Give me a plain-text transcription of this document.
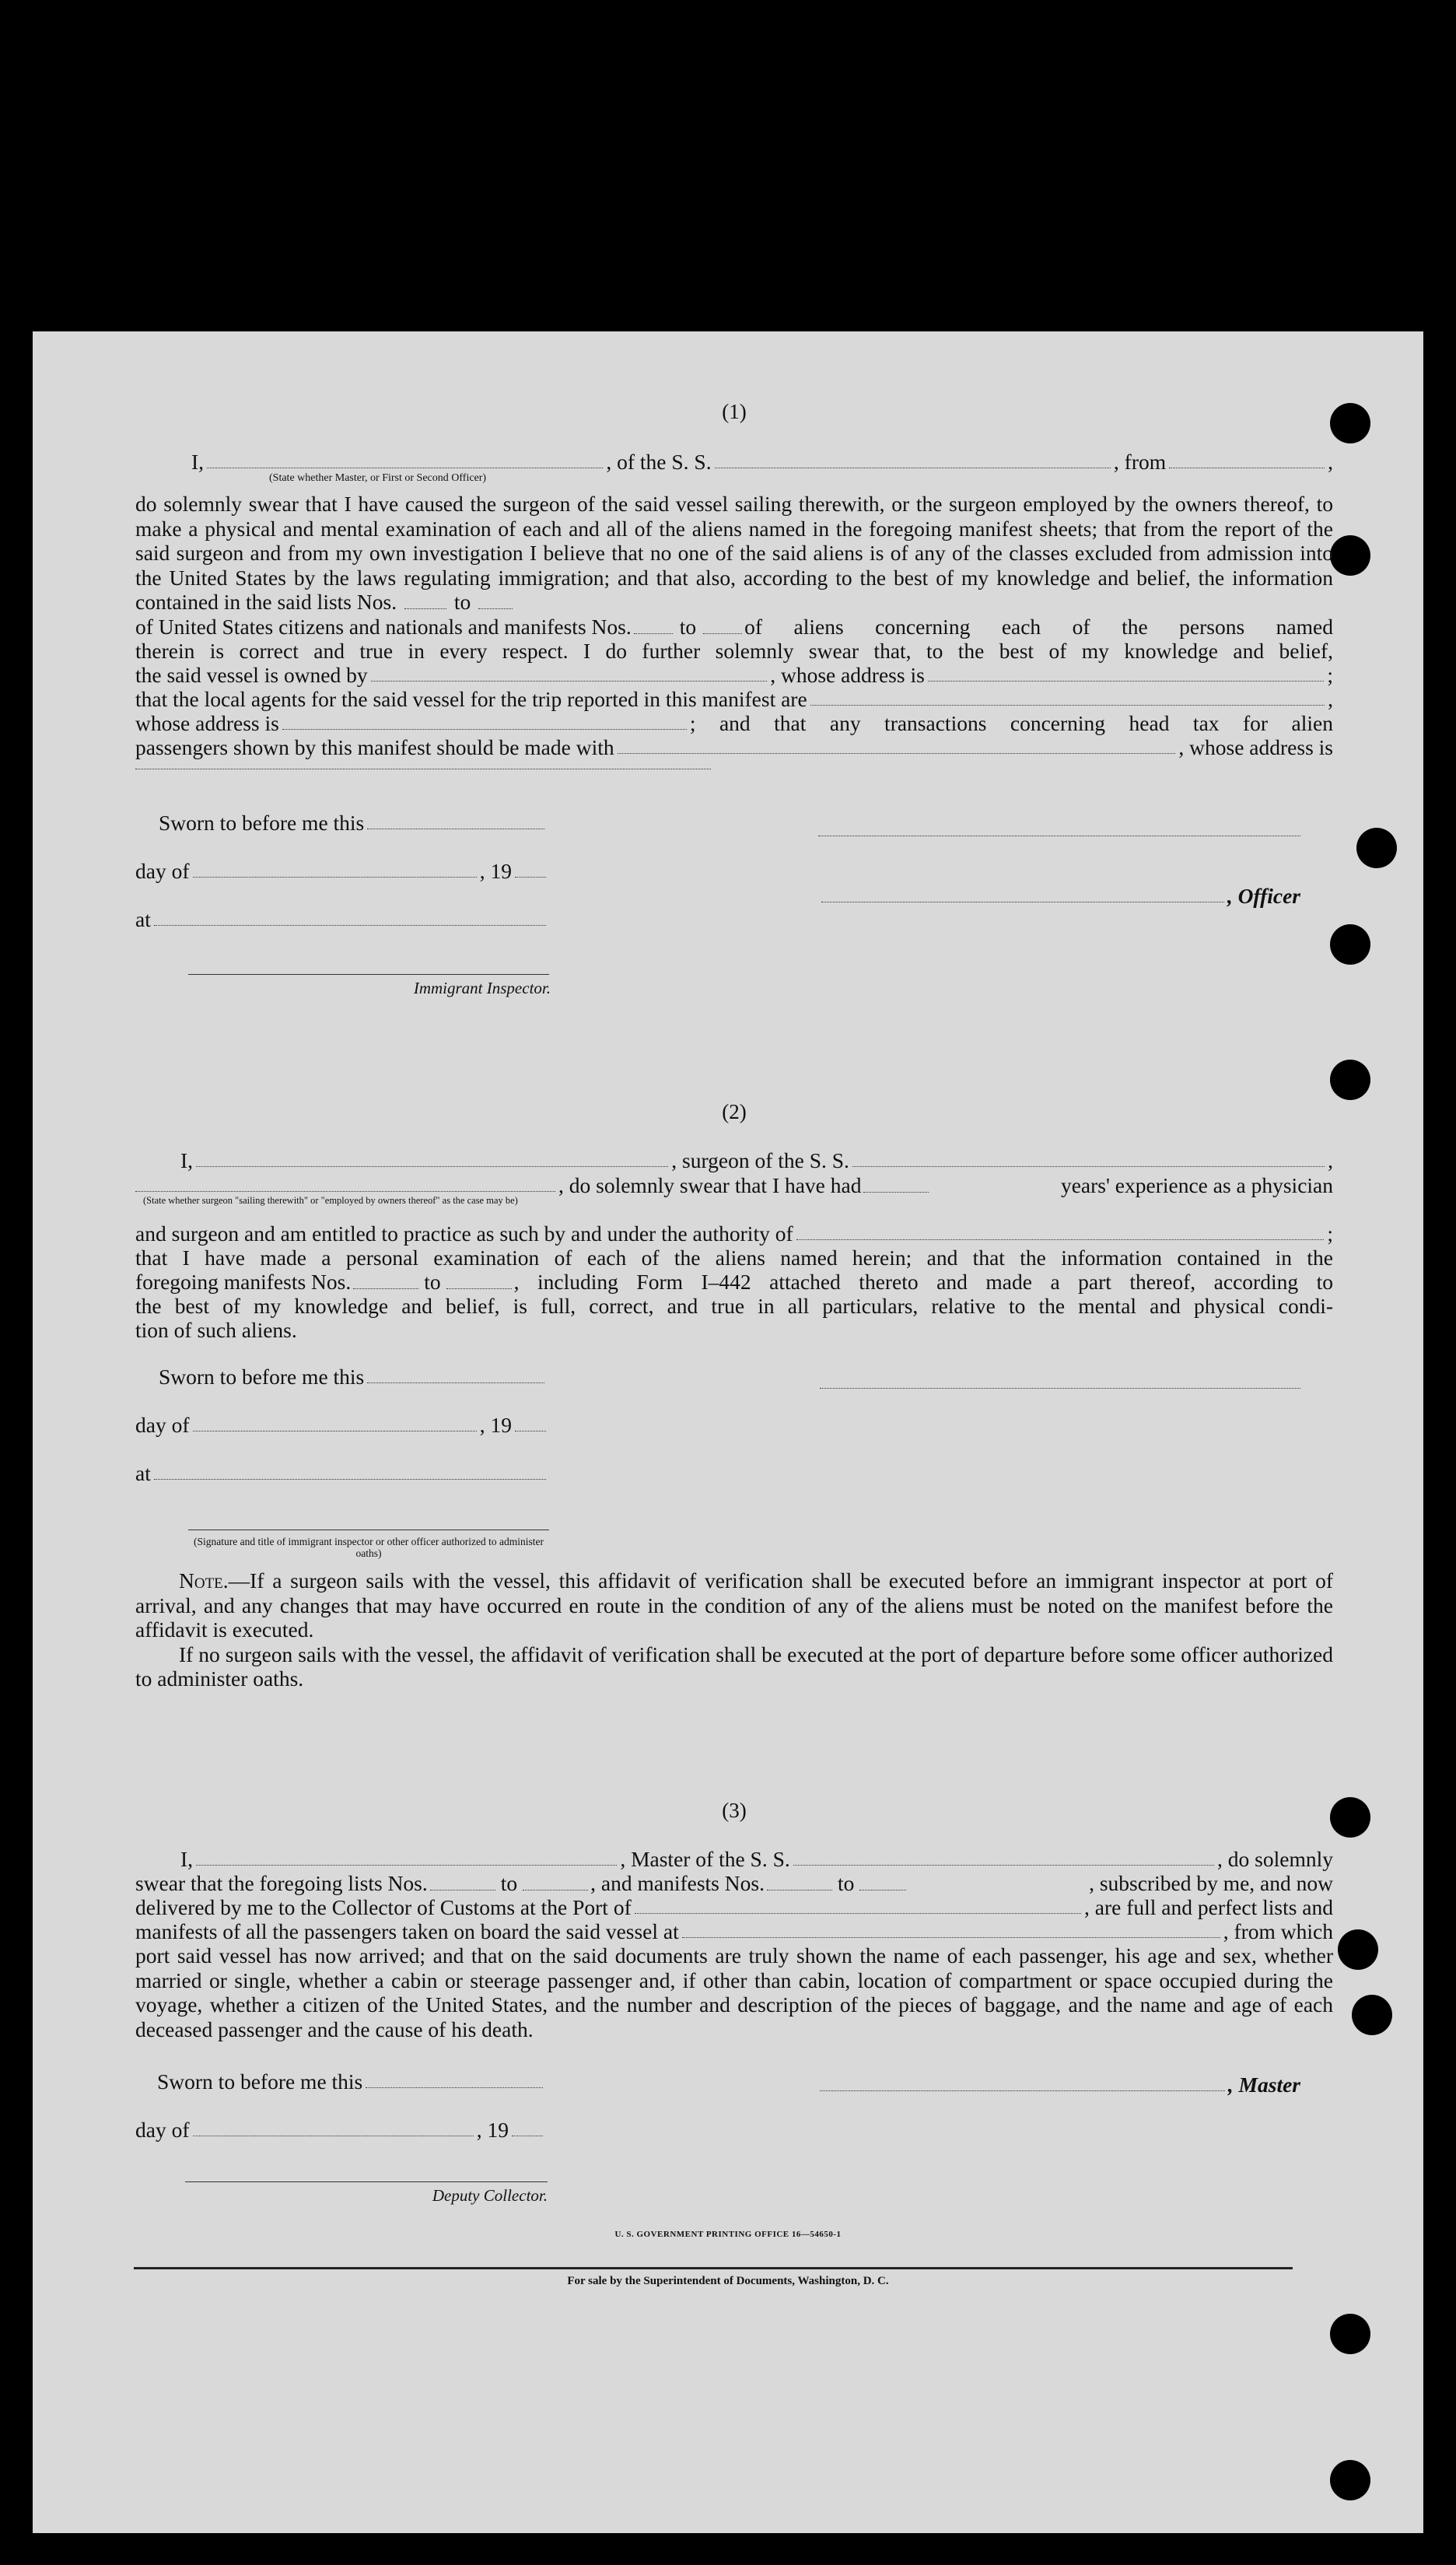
(1)
I,	, of the S. S.	, from	,
(State whether Master, or First or Second Officer)

do solemnly swear that I have caused the surgeon of the said vessel sailing therewith, or the surgeon employed by the owners thereof, to make a physical and mental examination of each and all of the aliens named in the foregoing manifest sheets; that from the report of the said surgeon and from my own investigation I believe that no one of the said aliens is of any of the classes excluded from admission into the United States by the laws regulating immigration; and that also, according to the best of my knowledge and belief, the information contained in the said lists Nos.	to

of United States citizens and nationals and manifests Nos. to of aliens concerning each of the persons named
therein is correct and true in every respect. I do further solemnly swear that, to the best of my knowledge and belief,
the said vessel is owned by	, whose address is	;
that the local agents for the said vessel for the trip reported in this manifest are	,
whose address is	; and that any transactions concerning head tax for alien
passengers shown by this manifest should be made with	, whose address is
Sworn to before me this
day of	, 19
, Officer
at
Immigrant Inspector.
(2)
I,	, surgeon of the S. S.	,
, do solemnly swear that I have had	years' experience as a physician
(State whether surgeon "sailing therewith" or "employed by owners thereof" as the case may be)
and surgeon and am entitled to practice as such by and under the authority of	;
that I have made a personal examination of each of the aliens named herein; and that the information contained in the
foregoing manifests Nos.	to	, including Form I–442 attached thereto and made a part thereof, according to
the best of my knowledge and belief, is full, correct, and true in all particulars, relative to the mental and physical condi-
tion of such aliens.
Sworn to before me this
day of	, 19
at
(Signature and title of immigrant inspector or other officer authorized to administer oaths)

Note.—If a surgeon sails with the vessel, this affidavit of verification shall be executed before an immigrant inspector at port of arrival, and any changes that may have occurred en route in the condition of any of the aliens must be noted on the manifest before the affidavit is executed.

If no surgeon sails with the vessel, the affidavit of verification shall be executed at the port of departure before some officer authorized to administer oaths.

(3)
I,	, Master of the S. S.	, do solemnly
swear that the foregoing lists Nos.	to	, and manifests Nos.	to	, subscribed by me, and now
delivered by me to the Collector of Customs at the Port of	, are full and perfect lists and
manifests of all the passengers taken on board the said vessel at	, from which

port said vessel has now arrived; and that on the said documents are truly shown the name of each passenger, his age and sex, whether married or single, whether a cabin or steerage passenger and, if other than cabin, location of compartment or space occupied during the voyage, whether a citizen of the United States, and the number and description of the pieces of baggage, and the name and age of each deceased passenger and the cause of his death.

Sworn to before me this	, Master
day of	, 19
Deputy Collector.
U. S. GOVERNMENT PRINTING OFFICE 16—54650-1
For sale by the Superintendent of Documents, Washington, D. C.
